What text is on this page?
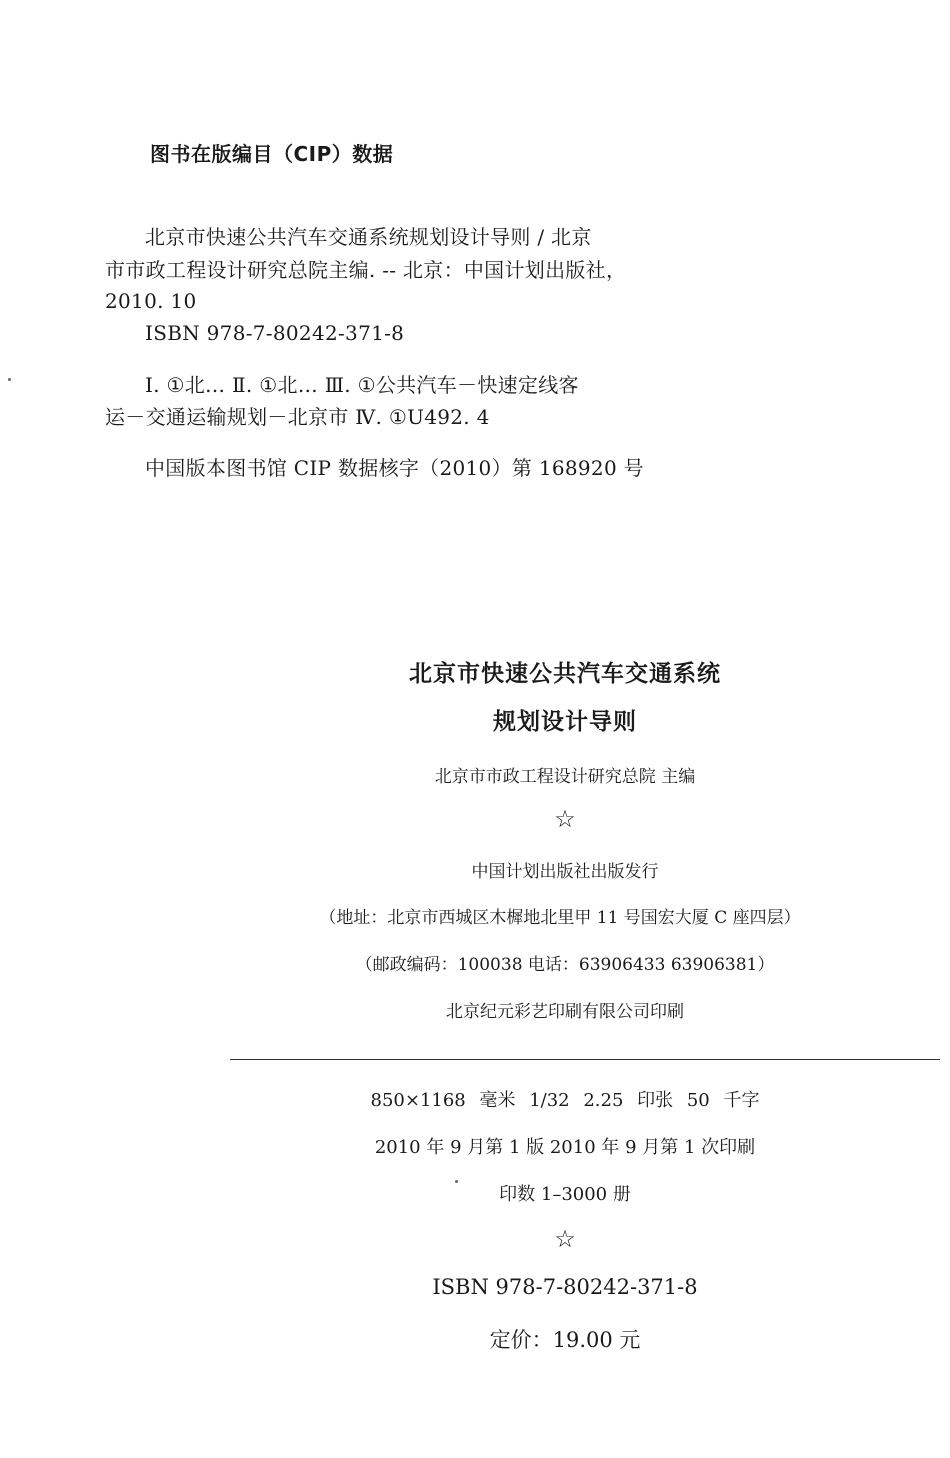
图书在版编目（CIP）数据
北京市快速公共汽车交通系统规划设计导则 / 北京
市市政工程设计研究总院主编. -- 北京：中国计划出版社，
2010. 10
ISBN 978-7-80242-371-8
Ⅰ. ①北… Ⅱ. ①北… Ⅲ. ①公共汽车－快速定线客
运－交通运输规划－北京市 Ⅳ. ①U492. 4
中国版本图书馆 CIP 数据核字（2010）第 168920 号
北京市快速公共汽车交通系统
规划设计导则
北京市市政工程设计研究总院 主编
☆
中国计划出版社出版发行
（地址：北京市西城区木樨地北里甲 11 号国宏大厦 C 座四层）
（邮政编码：100038 电话：63906433 63906381）
北京纪元彩艺印刷有限公司印刷
850×1168 毫米 1/32 2.25 印张 50 千字
2010 年 9 月第 1 版 2010 年 9 月第 1 次印刷
印数 1–3000 册
☆
ISBN 978-7-80242-371-8
定价：19.00 元
